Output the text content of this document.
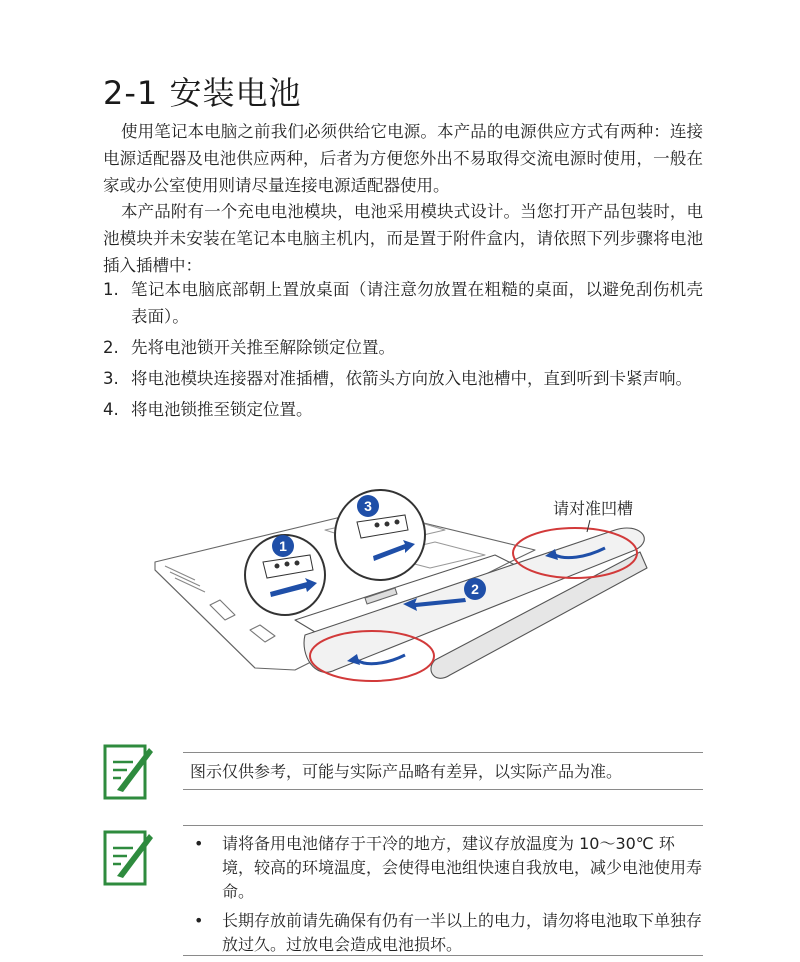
2-1 安装电池
使用笔记本电脑之前我们必须供给它电源。本产品的电源供应方式有两种：连接电源适配器及电池供应两种，后者为方便您外出不易取得交流电源时使用，一般在家或办公室使用则请尽量连接电源适配器使用。
本产品附有一个充电电池模块，电池采用模块式设计。当您打开产品包装时，电池模块并未安装在笔记本电脑主机内，而是置于附件盒内，请依照下列步骤将电池插入插槽中：
1. 笔记本电脑底部朝上置放桌面（请注意勿放置在粗糙的桌面，以避免刮伤机壳表面）。
2. 先将电池锁开关推至解除锁定位置。
3. 将电池模块连接器对准插槽，依箭头方向放入电池槽中，直到听到卡紧声响。
4. 将电池锁推至锁定位置。
1
3
2
请对准凹槽
图示仅供参考，可能与实际产品略有差异，以实际产品为准。
•	请将备用电池储存于干冷的地方，建议存放温度为 10～30℃ 环境，较高的环境温度，会使得电池组快速自我放电，减少电池使用寿命。
•	长期存放前请先确保有仍有一半以上的电力，请勿将电池取下单独存放过久。过放电会造成电池损坏。
